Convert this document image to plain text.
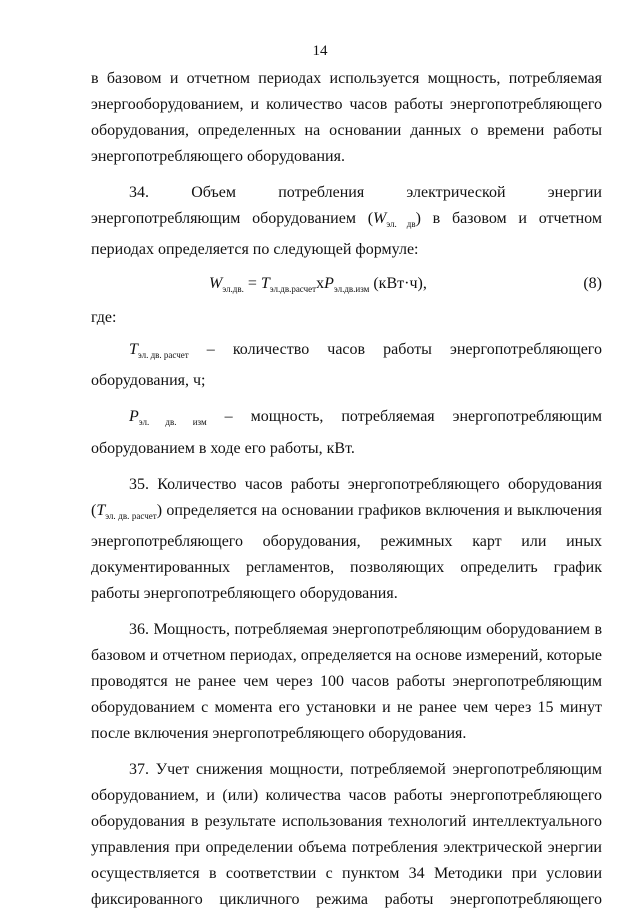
14

в базовом и отчетном периодах используется мощность, потребляемая энергооборудованием, и количество часов работы энергопотребляющего оборудования, определенных на основании данных о времени работы энергопотребляющего оборудования.

34. Объем потребления электрической энергии энергопотребляющим оборудованием $(W_{эл. дв})$ в базовом и отчетном периодах определяется по следующей формуле:

$W_{эл.дв.} = T_{эл.дв.расчет}xP_{эл.дв.изм}$ (кВт·ч),	(8)

где:

$T_{эл. дв. расчет}$ – количество часов работы энергопотребляющего

оборудования, ч;

$P_{эл. дв. изм}$ – мощность, потребляемая энергопотребляющим оборудованием в ходе его работы, кВт.

35. Количество часов работы энергопотребляющего оборудования $(T_{эл. дв. расчет})$ определяется на основании графиков включения и выключения энергопотребляющего оборудования, режимных карт или иных документированных регламентов, позволяющих определить график работы энергопотребляющего оборудования.

36. Мощность, потребляемая энергопотребляющим оборудованием в базовом и отчетном периодах, определяется на основе измерений, которые проводятся не ранее чем через 100 часов работы энергопотребляющим оборудованием с момента его установки и не ранее чем через 15 минут после включения энергопотребляющего оборудования.

37. Учет снижения мощности, потребляемой энергопотребляющим оборудованием, и (или) количества часов работы энергопотребляющего оборудования в результате использования технологий интеллектуального управления при определении объема потребления электрической энергии осуществляется в соответствии с пунктом 34 Методики при условии фиксированного цикличного режима работы энергопотребляющего
